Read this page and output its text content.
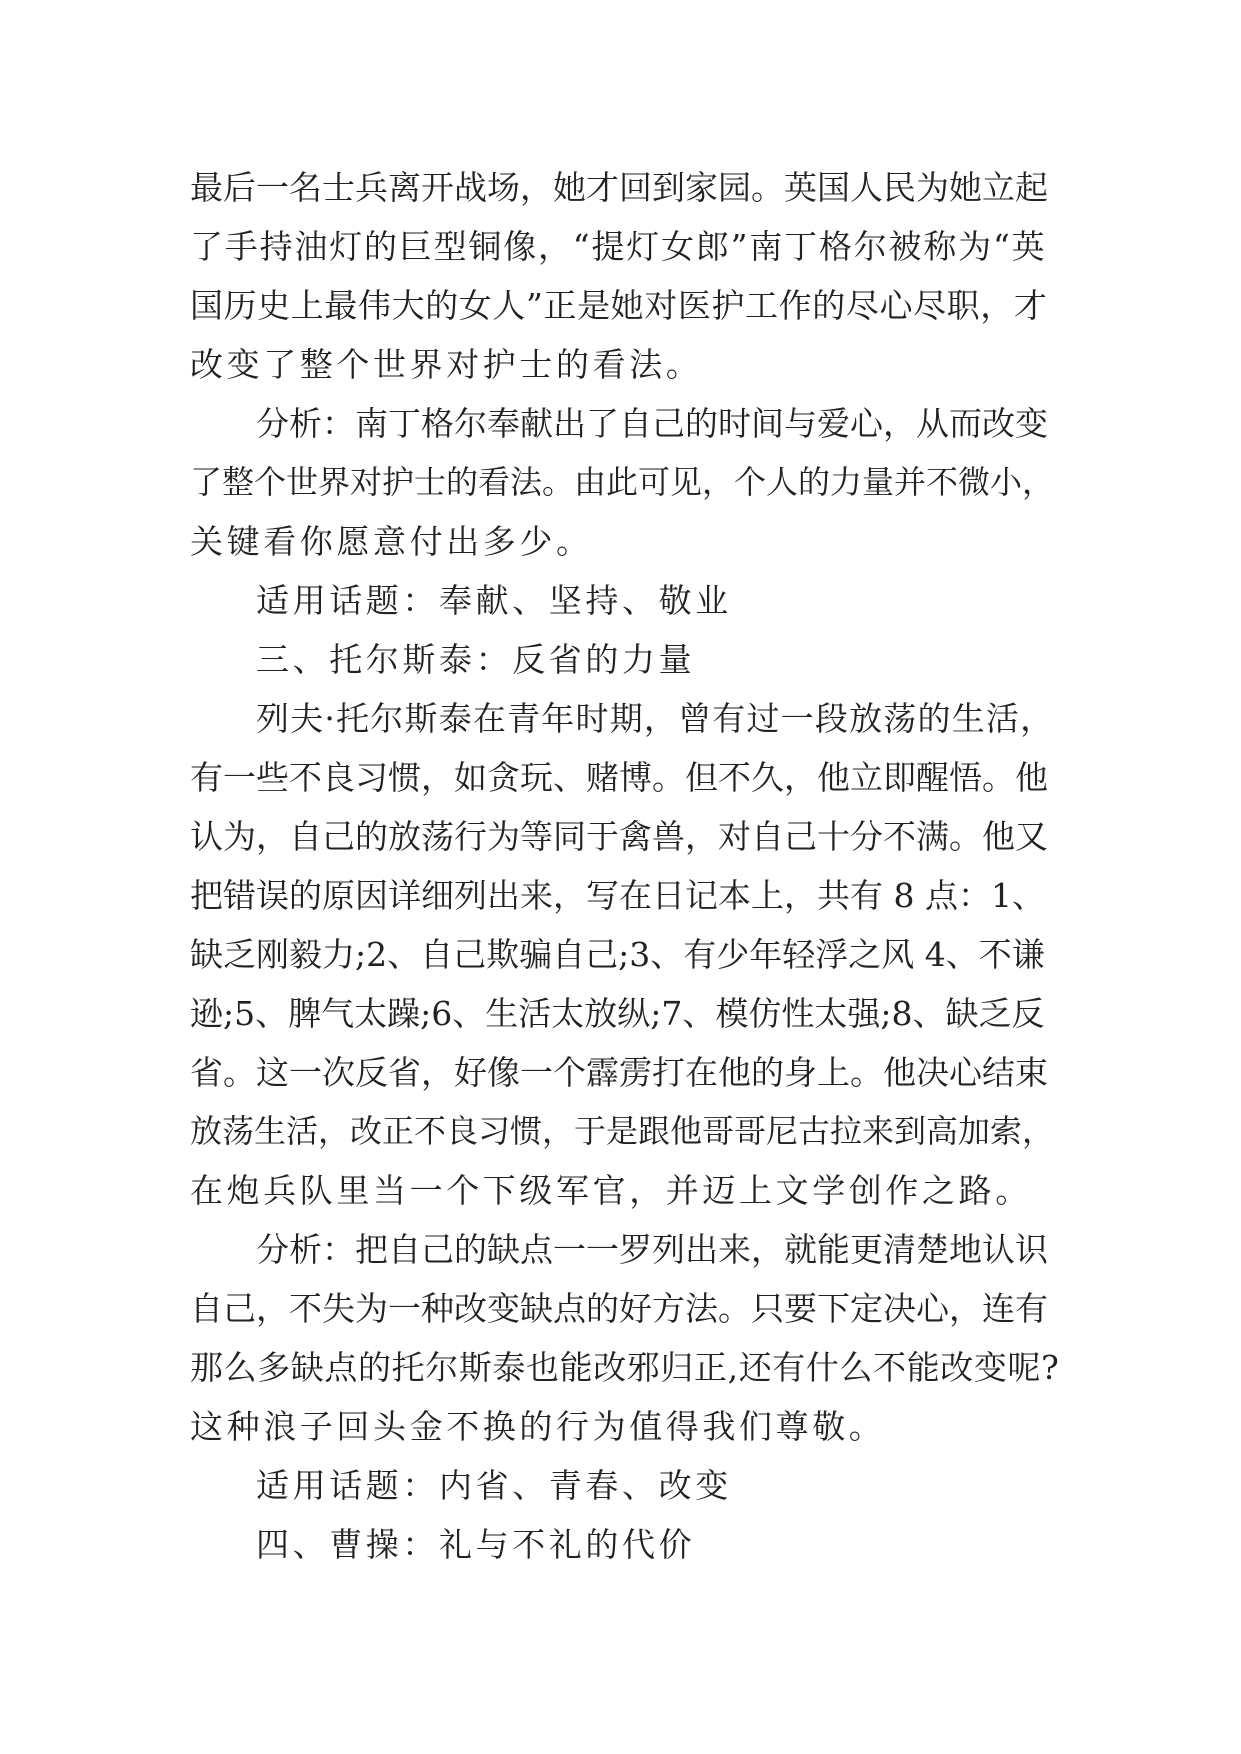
最后一名士兵离开战场，她才回到家园。英国人民为她立起
了手持油灯的巨型铜像，“提灯女郎”南丁格尔被称为“英
国历史上最伟大的女人”正是她对医护工作的尽心尽职，才
改变了整个世界对护士的看法。
分析：南丁格尔奉献出了自己的时间与爱心，从而改变
了整个世界对护士的看法。由此可见，个人的力量并不微小，
关键看你愿意付出多少。
适用话题：奉献、坚持、敬业
三、托尔斯泰：反省的力量
列夫·托尔斯泰在青年时期，曾有过一段放荡的生活，
有一些不良习惯，如贪玩、赌博。但不久，他立即醒悟。他
认为，自己的放荡行为等同于禽兽，对自己十分不满。他又
把错误的原因详细列出来，写在日记本上，共有 8 点：1、
缺乏刚毅力;2、自己欺骗自己;3、有少年轻浮之风 4、不谦
逊;5、脾气太躁;6、生活太放纵;7、模仿性太强;8、缺乏反
省。这一次反省，好像一个霹雳打在他的身上。他决心结束
放荡生活，改正不良习惯，于是跟他哥哥尼古拉来到高加索，
在炮兵队里当一个下级军官，并迈上文学创作之路。
分析：把自己的缺点一一罗列出来，就能更清楚地认识
自己，不失为一种改变缺点的好方法。只要下定决心，连有
那么多缺点的托尔斯泰也能改邪归正,还有什么不能改变呢?
这种浪子回头金不换的行为值得我们尊敬。
适用话题：内省、青春、改变
四、曹操：礼与不礼的代价
